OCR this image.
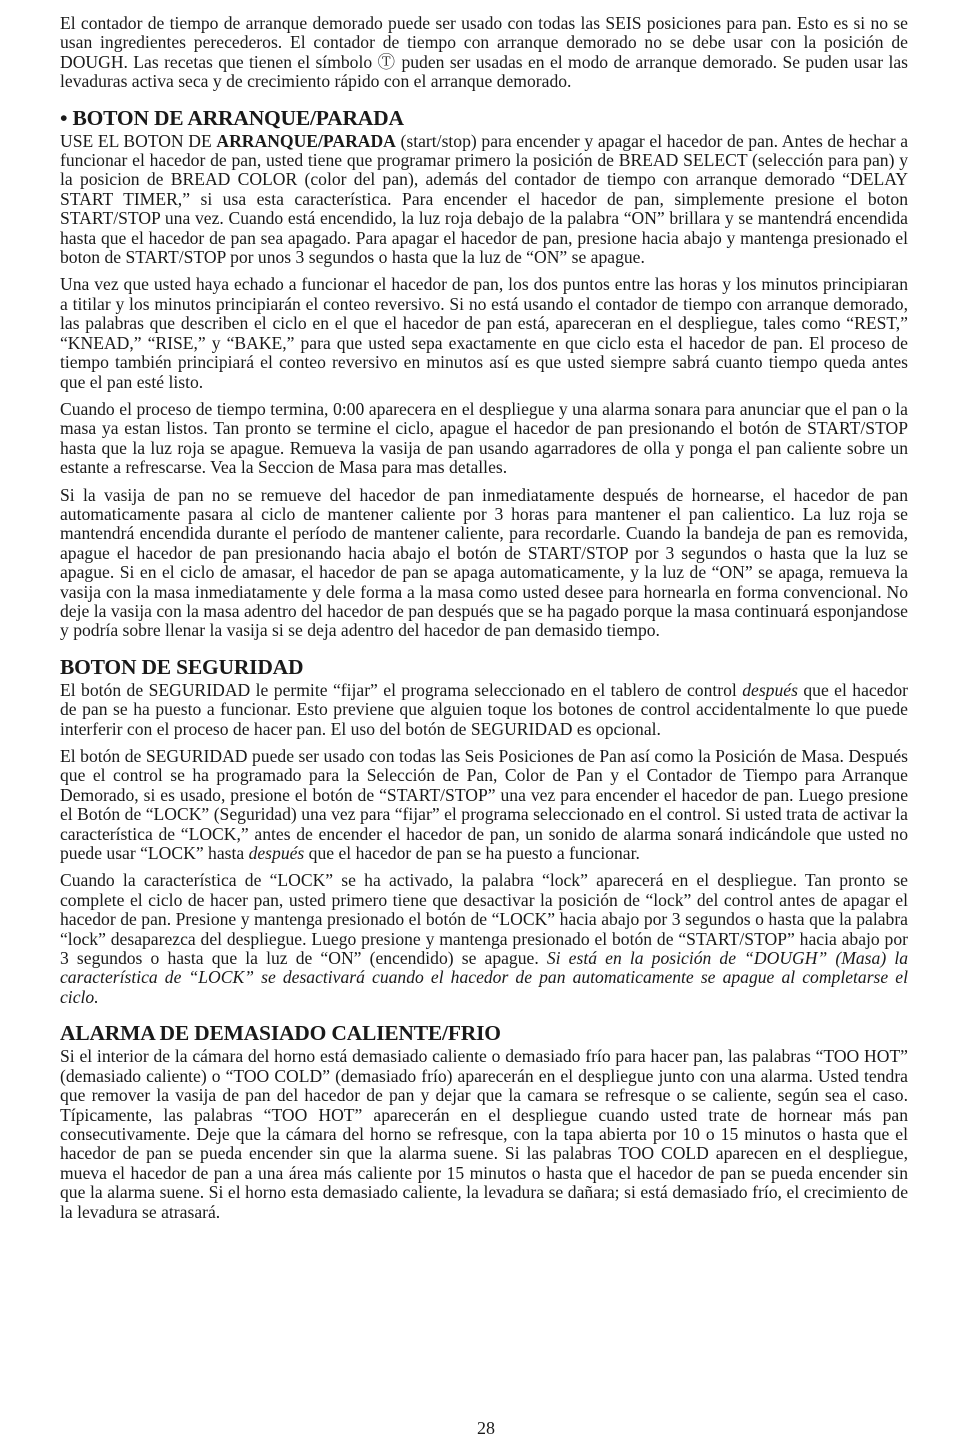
El contador de tiempo de arranque demorado puede ser usado con todas las SEIS posiciones para pan. Esto es si no se usan ingredientes perecederos. El contador de tiempo con arranque demorado no se debe usar con la posición de DOUGH. Las recetas que tienen el símbolo Ⓣ puden ser usadas en el modo de arranque demorado. Se puden usar las levaduras activa seca y de crecimiento rápido con el arranque demorado.

• BOTON DE ARRANQUE/PARADA

USE EL BOTON DE ARRANQUE/PARADA (start/stop) para encender y apagar el hacedor de pan. Antes de hechar a funcionar el hacedor de pan, usted tiene que programar primero la posición de BREAD SELECT (selección para pan) y la posicion de BREAD COLOR (color del pan), además del contador de tiempo con arranque demorado “DELAY START TIMER,” si usa esta característica. Para encender el hacedor de pan, simplemente presione el boton START/STOP una vez. Cuando está encendido, la luz roja debajo de la palabra “ON” brillara y se mantendrá encendida hasta que el hacedor de pan sea apagado. Para apagar el hacedor de pan, presione hacia abajo y mantenga presionado el boton de START/STOP por unos 3 segundos o hasta que la luz de “ON” se apague.

Una vez que usted haya echado a funcionar el hacedor de pan, los dos puntos entre las horas y los minutos principiaran a titilar y los minutos principiarán el conteo reversivo. Si no está usando el contador de tiempo con arranque demorado, las palabras que describen el ciclo en el que el hacedor de pan está, apareceran en el despliegue, tales como “REST,” “KNEAD,” “RISE,” y “BAKE,” para que usted sepa exactamente en que ciclo esta el hacedor de pan. El proceso de tiempo también principiará el conteo reversivo en minutos así es que usted siempre sabrá cuanto tiempo queda antes que el pan esté listo.

Cuando el proceso de tiempo termina, 0:00 aparecera en el despliegue y una alarma sonara para anunciar que el pan o la masa ya estan listos. Tan pronto se termine el ciclo, apague el hacedor de pan presionando el botón de START/STOP hasta que la luz roja se apague. Remueva la vasija de pan usando agarradores de olla y ponga el pan caliente sobre un estante a refrescarse. Vea la Seccion de Masa para mas detalles.

Si la vasija de pan no se remueve del hacedor de pan inmediatamente después de hornearse, el hacedor de pan automaticamente pasara al ciclo de mantener caliente por 3 horas para mantener el pan calientico. La luz roja se mantendrá encendida durante el período de mantener caliente, para recordarle. Cuando la bandeja de pan es removida, apague el hacedor de pan presionando hacia abajo el botón de START/STOP por 3 segundos o hasta que la luz se apague. Si en el ciclo de amasar, el hacedor de pan se apaga automaticamente, y la luz de “ON” se apaga, remueva la vasija con la masa inmediatamente y dele forma a la masa como usted desee para hornearla en forma convencional. No deje la vasija con la masa adentro del hacedor de pan después que se ha pagado porque la masa continuará esponjandose y podría sobre llenar la vasija si se deja adentro del hacedor de pan demasido tiempo.

BOTON DE SEGURIDAD

El botón de SEGURIDAD le permite “fijar” el programa seleccionado en el tablero de control después que el hacedor de pan se ha puesto a funcionar. Esto previene que alguien toque los botones de control accidentalmente lo que puede interferir con el proceso de hacer pan. El uso del botón de SEGURIDAD es opcional.

El botón de SEGURIDAD puede ser usado con todas las Seis Posiciones de Pan así como la Posición de Masa. Después que el control se ha programado para la Selección de Pan, Color de Pan y el Contador de Tiempo para Arranque Demorado, si es usado, presione el botón de “START/STOP” una vez para encender el hacedor de pan. Luego presione el Botón de “LOCK” (Seguridad) una vez para “fijar” el programa seleccionado en el control. Si usted trata de activar la característica de “LOCK,” antes de encender el hacedor de pan, un sonido de alarma sonará indicándole que usted no puede usar “LOCK” hasta después que el hacedor de pan se ha puesto a funcionar.

Cuando la característica de “LOCK” se ha activado, la palabra “lock” aparecerá en el despliegue. Tan pronto se complete el ciclo de hacer pan, usted primero tiene que desactivar la posición de “lock” del control antes de apagar el hacedor de pan. Presione y mantenga presionado el botón de “LOCK” hacia abajo por 3 segundos o hasta que la palabra “lock” desaparezca del despliegue. Luego presione y mantenga presionado el botón de “START/STOP” hacia abajo por 3 segundos o hasta que la luz de “ON” (encendido) se apague. Si está en la posición de “DOUGH” (Masa) la característica de “LOCK” se desactivará cuando el hacedor de pan automaticamente se apague al completarse el ciclo.

ALARMA DE DEMASIADO CALIENTE/FRIO

Si el interior de la cámara del horno está demasiado caliente o demasiado frío para hacer pan, las palabras “TOO HOT” (demasiado caliente) o “TOO COLD” (demasiado frío) aparecerán en el despliegue junto con una alarma. Usted tendra que remover la vasija de pan del hacedor de pan y dejar que la camara se refresque o se caliente, según sea el caso. Típicamente, las palabras “TOO HOT” aparecerán en el despliegue cuando usted trate de hornear más pan consecutivamente. Deje que la cámara del horno se refresque, con la tapa abierta por 10 o 15 minutos o hasta que el hacedor de pan se pueda encender sin que la alarma suene. Si las palabras TOO COLD aparecen en el despliegue, mueva el hacedor de pan a una área más caliente por 15 minutos o hasta que el hacedor de pan se pueda encender sin que la alarma suene. Si el horno esta demasiado caliente, la levadura se dañara; si está demasiado frío, el crecimiento de la levadura se atrasará.

28
